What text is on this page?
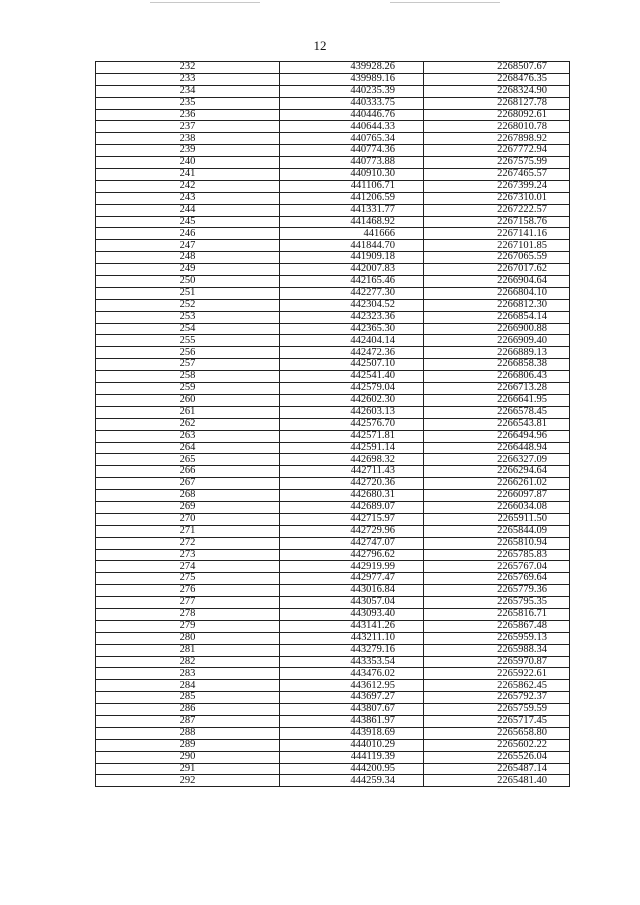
12
232	439928.26	2268507.67
233	439989.16	2268476.35
234	440235.39	2268324.90
235	440333.75	2268127.78
236	440446.76	2268092.61
237	440644.33	2268010.78
238	440765.34	2267898.92
239	440774.36	2267772.94
240	440773.88	2267575.99
241	440910.30	2267465.57
242	441106.71	2267399.24
243	441206.59	2267310.01
244	441331.77	2267222.57
245	441468.92	2267158.76
246	441666	2267141.16
247	441844.70	2267101.85
248	441909.18	2267065.59
249	442007.83	2267017.62
250	442165.46	2266904.64
251	442277.30	2266804.10
252	442304.52	2266812.30
253	442323.36	2266854.14
254	442365.30	2266900.88
255	442404.14	2266909.40
256	442472.36	2266889.13
257	442507.10	2266858.38
258	442541.40	2266806.43
259	442579.04	2266713.28
260	442602.30	2266641.95
261	442603.13	2266578.45
262	442576.70	2266543.81
263	442571.81	2266494.96
264	442591.14	2266448.94
265	442698.32	2266327.09
266	442711.43	2266294.64
267	442720.36	2266261.02
268	442680.31	2266097.87
269	442689.07	2266034.08
270	442715.97	2265911.50
271	442729.96	2265844.09
272	442747.07	2265810.94
273	442796.62	2265785.83
274	442919.99	2265767.04
275	442977.47	2265769.64
276	443016.84	2265779.36
277	443057.04	2265795.35
278	443093.40	2265816.71
279	443141.26	2265867.48
280	443211.10	2265959.13
281	443279.16	2265988.34
282	443353.54	2265970.87
283	443476.02	2265922.61
284	443612.95	2265862.45
285	443697.27	2265792.37
286	443807.67	2265759.59
287	443861.97	2265717.45
288	443918.69	2265658.80
289	444010.29	2265602.22
290	444119.39	2265526.04
291	444200.95	2265487.14
292	444259.34	2265481.40
